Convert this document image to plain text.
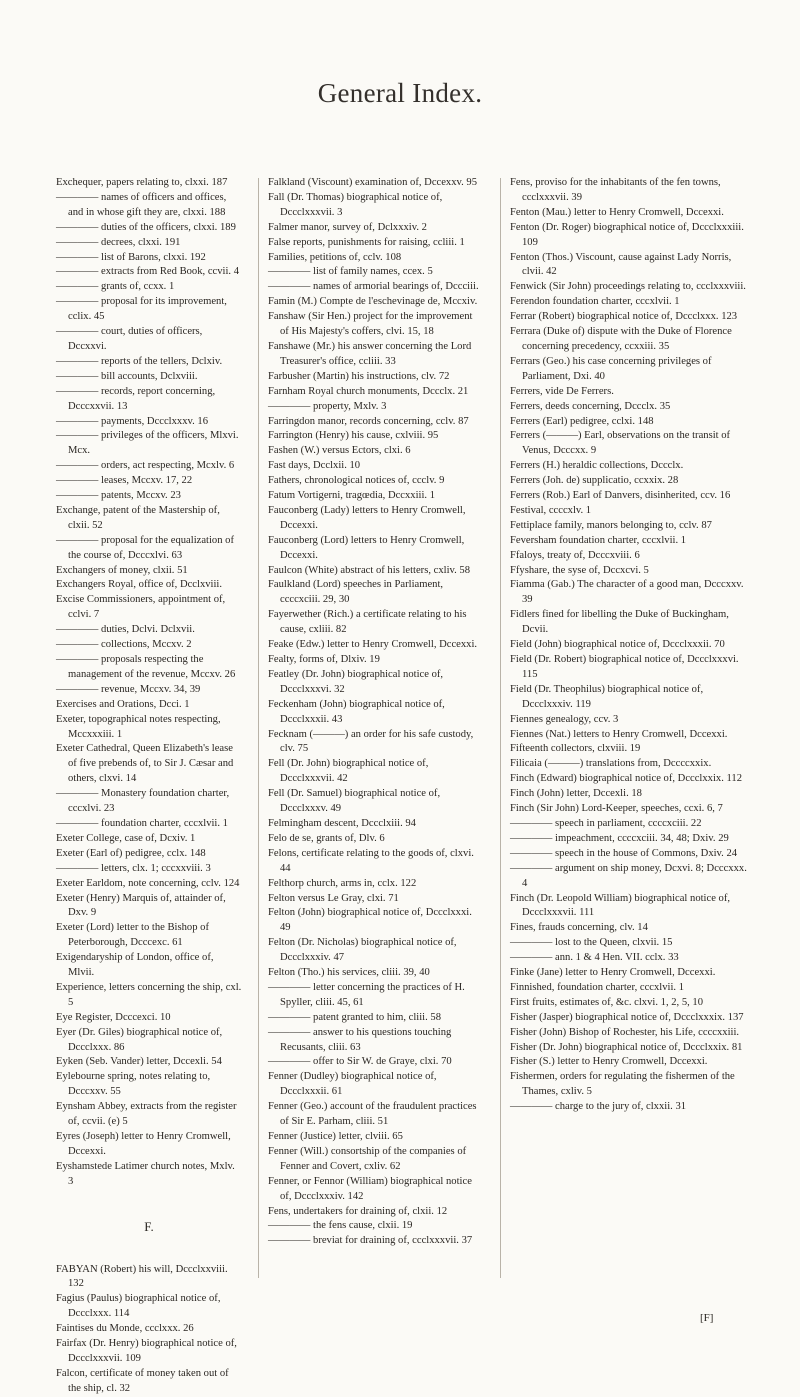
General Index.

Exchequer, papers relating to, clxxi. 187

———— names of officers and offices, and in whose gift they are, clxxi. 188

———— duties of the officers, clxxi. 189

———— decrees, clxxi. 191

———— list of Barons, clxxi. 192

———— extracts from Red Book, ccvii. 4

———— grants of, ccxx. 1

———— proposal for its improvement, cclix. 45

———— court, duties of officers, Dccxxvi.

———— reports of the tellers, Dclxiv.

———— bill accounts, Dclxviii.

———— records, report concerning, Dcccxxvii. 13

———— payments, Dccclxxxv. 16

———— privileges of the officers, Mlxvi. Mcx.

———— orders, act respecting, Mcxlv. 6

———— leases, Mccxv. 17, 22

———— patents, Mccxv. 23

Exchange, patent of the Mastership of, clxii. 52

———— proposal for the equalization of the course of, Dcccxlvi. 63

Exchangers of money, clxii. 51

Exchangers Royal, office of, Dcclxviii.

Excise Commissioners, appointment of, cclvi. 7

———— duties, Dclvi. Dclxvii.

———— collections, Mccxv. 2

———— proposals respecting the management of the revenue, Mccxv. 26

———— revenue, Mccxv. 34, 39

Exercises and Orations, Dcci. 1

Exeter, topographical notes respecting, Mccxxxiii. 1

Exeter Cathedral, Queen Elizabeth's lease of five prebends of, to Sir J. Cæsar and others, clxvi. 14

———— Monastery foundation charter, cccxlvi. 23

———— foundation charter, cccxlvii. 1

Exeter College, case of, Dcxiv. 1

Exeter (Earl of) pedigree, cclx. 148

———— letters, clx. 1; cccxxviii. 3

Exeter Earldom, note concerning, cclv. 124

Exeter (Henry) Marquis of, attainder of, Dxv. 9

Exeter (Lord) letter to the Bishop of Peterborough, Dcccexc. 61

Exigendaryship of London, office of, Mlvii.

Experience, letters concerning the ship, cxl. 5

Eye Register, Dcccexci. 10

Eyer (Dr. Giles) biographical notice of, Dccclxxx. 86

Eyken (Seb. Vander) letter, Dccexli. 54

Eylebourne spring, notes relating to, Dcccxxv. 55

Eynsham Abbey, extracts from the register of, ccvii. (e) 5

Eyres (Joseph) letter to Henry Cromwell, Dccexxi.

Eyshamstede Latimer church notes, Mxlv. 3

F.

FABYAN (Robert) his will, Dccclxxviii. 132

Fagius (Paulus) biographical notice of, Dccclxxx. 114

Faintises du Monde, ccclxxx. 26

Fairfax (Dr. Henry) biographical notice of, Dccclxxxvii. 109

Falcon, certificate of money taken out of the ship, cl. 32

Falkland (Viscount) examination of, Dccexxv. 95

Fall (Dr. Thomas) biographical notice of, Dccclxxxvii. 3

Falmer manor, survey of, Dclxxxiv. 2

False reports, punishments for raising, ccliii. 1

Families, petitions of, cclv. 108

———— list of family names, ccex. 5

———— names of armorial bearings of, Dccciii.

Famin (M.) Compte de l'eschevinage de, Mccxiv.

Fanshaw (Sir Hen.) project for the improvement of His Majesty's coffers, clvi. 15, 18

Fanshawe (Mr.) his answer concerning the Lord Treasurer's office, ccliii. 33

Farbusher (Martin) his instructions, clv. 72

Farnham Royal church monuments, Dccclx. 21

———— property, Mxlv. 3

Farringdon manor, records concerning, cclv. 87

Farrington (Henry) his cause, cxlviii. 95

Fashen (W.) versus Ectors, clxi. 6

Fast days, Dcclxii. 10

Fathers, chronological notices of, ccclv. 9

Fatum Vortigerni, tragœdia, Dccxxiii. 1

Fauconberg (Lady) letters to Henry Cromwell, Dccexxi.

Fauconberg (Lord) letters to Henry Cromwell, Dccexxi.

Faulcon (White) abstract of his letters, cxliv. 58

Faulkland (Lord) speeches in Parliament, ccccxciii. 29, 30

Fayerwether (Rich.) a certificate relating to his cause, cxliii. 82

Feake (Edw.) letter to Henry Cromwell, Dccexxi.

Fealty, forms of, Dlxiv. 19

Featley (Dr. John) biographical notice of, Dccclxxxvi. 32

Feckenham (John) biographical notice of, Dccclxxxii. 43

Fecknam (———) an order for his safe custody, clv. 75

Fell (Dr. John) biographical notice of, Dccclxxxvii. 42

Fell (Dr. Samuel) biographical notice of, Dccclxxxv. 49

Felmingham descent, Dccclxiii. 94

Felo de se, grants of, Dlv. 6

Felons, certificate relating to the goods of, clxvi. 44

Felthorp church, arms in, cclx. 122

Felton versus Le Gray, clxi. 71

Felton (John) biographical notice of, Dccclxxxi. 49

Felton (Dr. Nicholas) biographical notice of, Dccclxxxiv. 47

Felton (Tho.) his services, cliii. 39, 40

———— letter concerning the practices of H. Spyller, cliii. 45, 61

———— patent granted to him, cliii. 58

———— answer to his questions touching Recusants, cliii. 63

———— offer to Sir W. de Graye, clxi. 70

Fenner (Dudley) biographical notice of, Dccclxxxii. 61

Fenner (Geo.) account of the fraudulent practices of Sir E. Parham, cliii. 51

Fenner (Justice) letter, clviii. 65

Fenner (Will.) consortship of the companies of Fenner and Covert, cxliv. 62

Fenner, or Fennor (William) biographical notice of, Dccclxxxiv. 142

Fens, undertakers for draining of, clxii. 12

———— the fens cause, clxii. 19

———— breviat for draining of, ccclxxxvii. 37

Fens, proviso for the inhabitants of the fen towns, ccclxxxvii. 39

Fenton (Mau.) letter to Henry Cromwell, Dccexxi.

Fenton (Dr. Roger) biographical notice of, Dccclxxxiii. 109

Fenton (Thos.) Viscount, cause against Lady Norris, clvii. 42

Fenwick (Sir John) proceedings relating to, ccclxxxviii.

Ferendon foundation charter, cccxlvii. 1

Ferrar (Robert) biographical notice of, Dccclxxx. 123

Ferrara (Duke of) dispute with the Duke of Florence concerning precedency, ccxxiii. 35

Ferrars (Geo.) his case concerning privileges of Parliament, Dxi. 40

Ferrers, vide De Ferrers.

Ferrers, deeds concerning, Dccclx. 35

Ferrers (Earl) pedigree, cclxi. 148

Ferrers (———) Earl, observations on the transit of Venus, Dcccxx. 9

Ferrers (H.) heraldic collections, Dccclx.

Ferrers (Joh. de) supplicatio, ccxxix. 28

Ferrers (Rob.) Earl of Danvers, disinherited, ccv. 16

Festival, ccccxlv. 1

Fettiplace family, manors belonging to, cclv. 87

Feversham foundation charter, cccxlvii. 1

Ffaloys, treaty of, Dcccxviii. 6

Ffyshare, the syse of, Dccxcvi. 5

Fiamma (Gab.) The character of a good man, Dcccxxv. 39

Fidlers fined for libelling the Duke of Buckingham, Dcvii.

Field (John) biographical notice of, Dccclxxxii. 70

Field (Dr. Robert) biographical notice of, Dccclxxxvi. 115

Field (Dr. Theophilus) biographical notice of, Dccclxxxiv. 119

Fiennes genealogy, ccv. 3

Fiennes (Nat.) letters to Henry Cromwell, Dccexxi.

Fifteenth collectors, clxviii. 19

Filicaia (———) translations from, Dccccxxix.

Finch (Edward) biographical notice of, Dccclxxix. 112

Finch (John) letter, Dccexli. 18

Finch (Sir John) Lord-Keeper, speeches, ccxi. 6, 7

———— speech in parliament, ccccxciii. 22

———— impeachment, ccccxciii. 34, 48; Dxiv. 29

———— speech in the house of Commons, Dxiv. 24

———— argument on ship money, Dcxvi. 8; Dcccxxx. 4

Finch (Dr. Leopold William) biographical notice of, Dccclxxxvii. 111

Fines, frauds concerning, clv. 14

———— lost to the Queen, clxvii. 15

———— ann. 1 & 4 Hen. VII. cclx. 33

Finke (Jane) letter to Henry Cromwell, Dccexxi.

Finnished, foundation charter, cccxlvii. 1

First fruits, estimates of, &c. clxvi. 1, 2, 5, 10

Fisher (Jasper) biographical notice of, Dccclxxxix. 137

Fisher (John) Bishop of Rochester, his Life, ccccxxiii.

Fisher (Dr. John) biographical notice of, Dccclxxix. 81

Fisher (S.) letter to Henry Cromwell, Dccexxi.

Fishermen, orders for regulating the fishermen of the Thames, cxliv. 5

———— charge to the jury of, clxxii. 31

[F]
